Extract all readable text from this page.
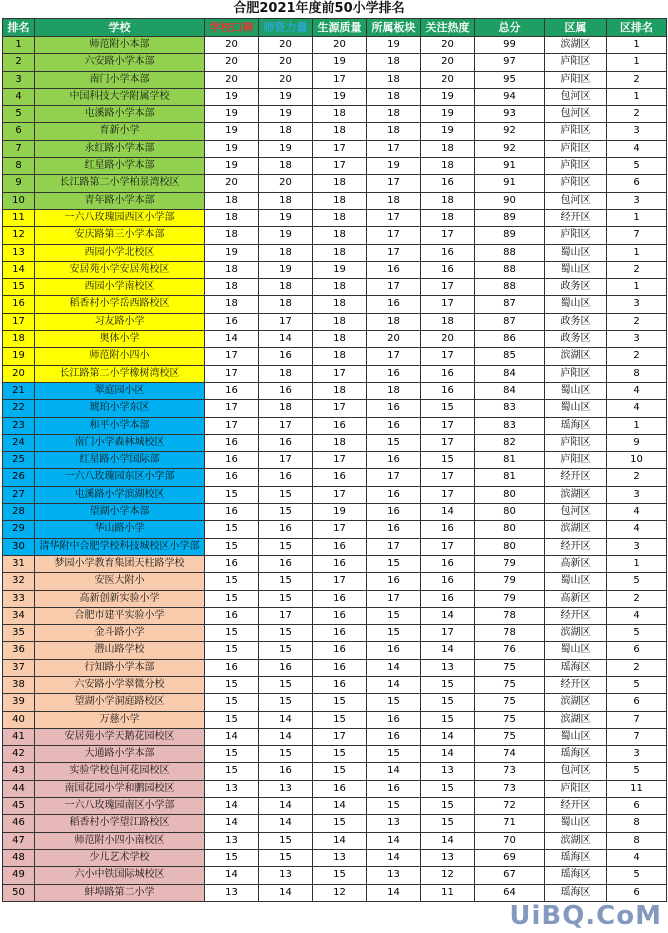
合肥2021年度前50小学排名
排名	学校	学校口碑	师资力量	生源质量	所属板块	关注热度	总分	区属	区排名
1	师范附小本部	20	20	20	19	20	99	滨湖区	1
2	六安路小学本部	20	20	19	18	20	97	庐阳区	1
3	南门小学本部	20	20	17	18	20	95	庐阳区	2
4	中国科技大学附属学校	19	19	19	18	19	94	包河区	1
5	屯溪路小学本部	19	19	18	18	19	93	包河区	2
6	育新小学	19	18	18	18	19	92	庐阳区	3
7	永红路小学本部	19	19	17	17	18	92	庐阳区	4
8	红星路小学本部	19	18	17	19	18	91	庐阳区	5
9	长江路第二小学柏景湾校区	20	20	18	17	16	91	庐阳区	6
10	青年路小学本部	18	18	18	18	18	90	包河区	3
11	一六八玫瑰园西区小学部	18	19	18	17	18	89	经开区	1
12	安庆路第三小学本部	18	19	18	17	17	89	庐阳区	7
13	西园小学北校区	19	18	18	17	16	88	蜀山区	1
14	安居苑小学安居苑校区	18	19	19	16	16	88	蜀山区	2
15	西园小学南校区	18	18	18	17	17	88	政务区	1
16	稻香村小学岳西路校区	18	18	18	16	17	87	蜀山区	3
17	习友路小学	16	17	18	18	18	87	政务区	2
18	奥体小学	14	14	18	20	20	86	政务区	3
19	师范附小四小	17	16	18	17	17	85	滨湖区	2
20	长江路第二小学橡树湾校区	17	18	17	16	16	84	庐阳区	8
21	翠庭园小区	16	16	18	18	16	84	蜀山区	4
22	琥珀小学东区	17	18	17	16	15	83	蜀山区	4
23	和平小学本部	17	17	16	16	17	83	瑶海区	1
24	南门小学森林城校区	16	16	18	15	17	82	庐阳区	9
25	红星路小学国际部	16	17	17	16	15	81	庐阳区	10
26	一六八玫瑰园东区小学部	16	16	16	17	17	81	经开区	2
27	屯溪路小学滨湖校区	15	15	17	16	17	80	滨湖区	3
28	望湖小学本部	16	15	19	16	14	80	包河区	4
29	华山路小学	15	16	17	16	16	80	滨湖区	4
30	清华附中合肥学校科技城校区小学部	15	15	16	17	17	80	经开区	3
31	梦园小学教育集团天柱路学校	16	16	16	15	16	79	高新区	1
32	安医大附小	15	15	17	16	16	79	蜀山区	5
33	高新创新实验小学	15	15	16	17	16	79	高新区	2
34	合肥市建平实验小学	16	17	16	15	14	78	经开区	4
35	金斗路小学	15	15	16	15	17	78	滨湖区	5
36	潜山路学校	15	15	16	16	14	76	蜀山区	6
37	行知路小学本部	16	16	16	14	13	75	瑶海区	2
38	六安路小学翠微分校	15	15	16	14	15	75	经开区	5
39	望湖小学洞庭路校区	15	15	15	15	15	75	滨湖区	6
40	万慈小学	15	14	15	16	15	75	滨湖区	7
41	安居苑小学天鹅花园校区	14	14	17	16	14	75	蜀山区	7
42	大通路小学本部	15	15	15	15	14	74	瑶海区	3
43	实验学校包河花园校区	15	16	15	14	13	73	包河区	5
44	南国花园小学和鹏园校区	13	13	16	16	15	73	庐阳区	11
45	一六八玫瑰园南区小学部	14	14	14	15	15	72	经开区	6
46	稻香村小学望江路校区	14	14	15	13	15	71	蜀山区	8
47	师范附小四小南校区	13	15	14	14	14	70	滨湖区	8
48	少儿艺术学校	15	15	13	14	13	69	瑶海区	4
49	六小中铁国际城校区	14	13	15	13	12	67	瑶海区	5
50	蚌埠路第二小学	13	14	12	14	11	64	瑶海区	6
UiBQ.CoM
